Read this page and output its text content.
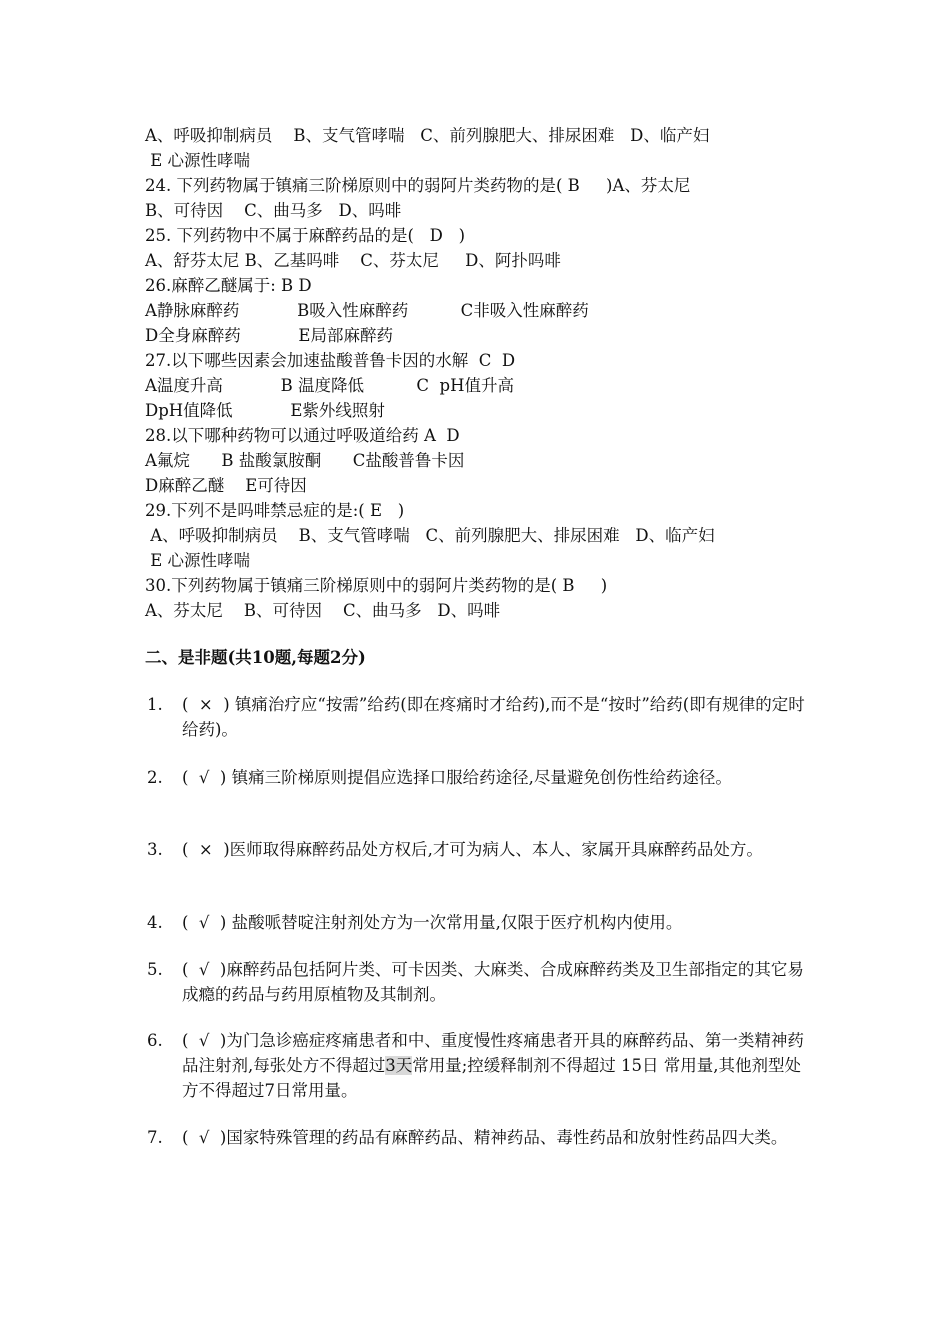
A、呼吸抑制病员    B、支气管哮喘   C、前列腺肥大、排尿困难   D、临产妇
E 心源性哮喘
24. 下列药物属于镇痛三阶梯原则中的弱阿片类药物的是( B     )A、芬太尼
B、可待因    C、曲马多   D、吗啡
25. 下列药物中不属于麻醉药品的是(   D   )
A、舒芬太尼 B、乙基吗啡    C、芬太尼     D、阿扑吗啡
26.麻醉乙醚属于: B D
A静脉麻醉药           B吸入性麻醉药          C非吸入性麻醉药
D全身麻醉药           E局部麻醉药
27.以下哪些因素会加速盐酸普鲁卡因的水解  C  D
A温度升高           B 温度降低          C  pH值升高
DpH值降低           E紫外线照射
28.以下哪种药物可以通过呼吸道给药 A  D
A氟烷      B 盐酸氯胺酮      C盐酸普鲁卡因
D麻醉乙醚    E可待因
29.下列不是吗啡禁忌症的是:( E   )
A、呼吸抑制病员    B、支气管哮喘   C、前列腺肥大、排尿困难   D、临产妇
E 心源性哮喘
30.下列药物属于镇痛三阶梯原则中的弱阿片类药物的是( B     )
A、芬太尼    B、可待因    C、曲马多   D、吗啡
二、是非题(共10题,每题2分)
1.	(  ×  ) 镇痛治疗应“按需”给药(即在疼痛时才给药),而不是“按时”给药(即有规律的定时给药)。
2.	(  √  ) 镇痛三阶梯原则提倡应选择口服给药途径,尽量避免创伤性给药途径。
3.	(  ×  )医师取得麻醉药品处方权后,才可为病人、本人、家属开具麻醉药品处方。
4.	(  √  ) 盐酸哌替啶注射剂处方为一次常用量,仅限于医疗机构内使用。
5.	(  √  )麻醉药品包括阿片类、可卡因类、大麻类、合成麻醉药类及卫生部指定的其它易成瘾的药品与药用原植物及其制剂。
6.	(  √  )为门急诊癌症疼痛患者和中、重度慢性疼痛患者开具的麻醉药品、第一类精神药品注射剂,每张处方不得超过3天常用量;控缓释制剂不得超过 15日 常用量,其他剂型处方不得超过7日常用量。
7.	(  √  )国家特殊管理的药品有麻醉药品、精神药品、毒性药品和放射性药品四大类。
